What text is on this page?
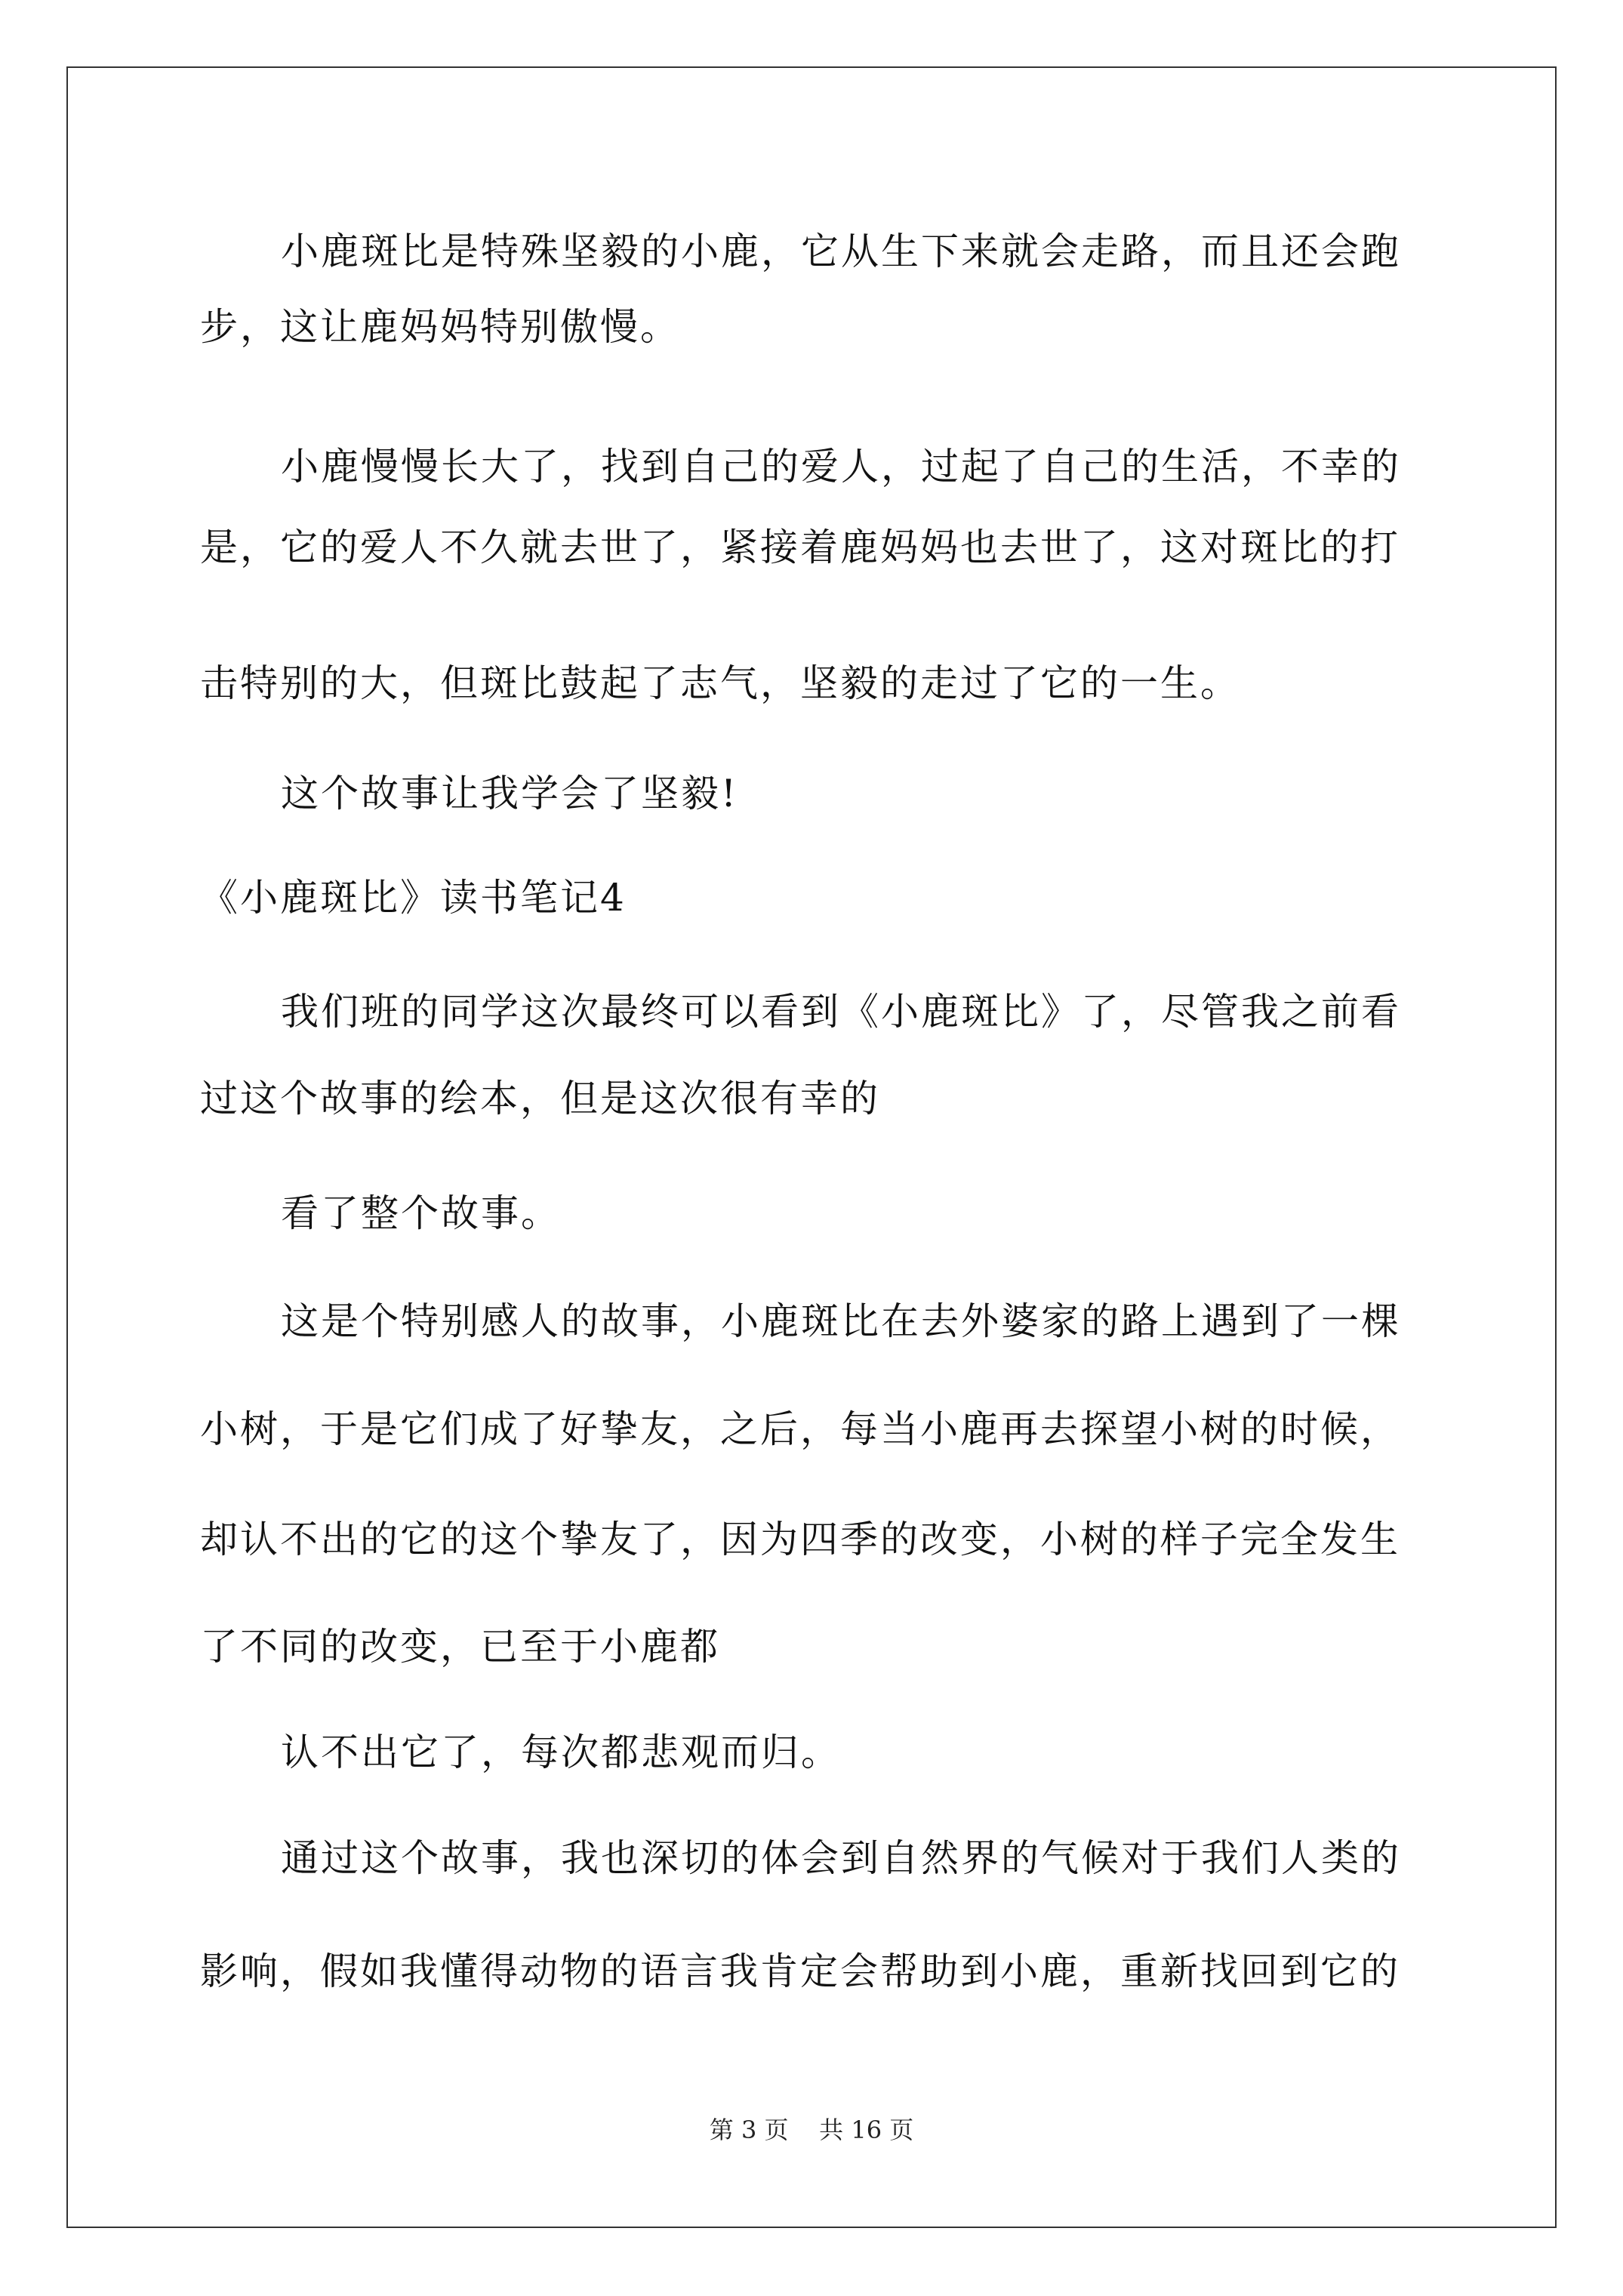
小鹿斑比是特殊坚毅的小鹿，它从生下来就会走路，而且还会跑

步，这让鹿妈妈特别傲慢。

小鹿慢慢长大了，找到自己的爱人，过起了自己的生活，不幸的

是，它的爱人不久就去世了，紧接着鹿妈妈也去世了，这对斑比的打

击特别的大，但斑比鼓起了志气，坚毅的走过了它的一生。

这个故事让我学会了坚毅!

《小鹿斑比》读书笔记4

我们班的同学这次最终可以看到《小鹿斑比》了，尽管我之前看

过这个故事的绘本，但是这次很有幸的

看了整个故事。

这是个特别感人的故事，小鹿斑比在去外婆家的路上遇到了一棵

小树，于是它们成了好挚友，之后，每当小鹿再去探望小树的时候，

却认不出的它的这个挚友了，因为四季的改变，小树的样子完全发生

了不同的改变，已至于小鹿都

认不出它了，每次都悲观而归。

通过这个故事，我也深切的体会到自然界的气候对于我们人类的

影响，假如我懂得动物的语言我肯定会帮助到小鹿，重新找回到它的

第 3 页    共 16 页
